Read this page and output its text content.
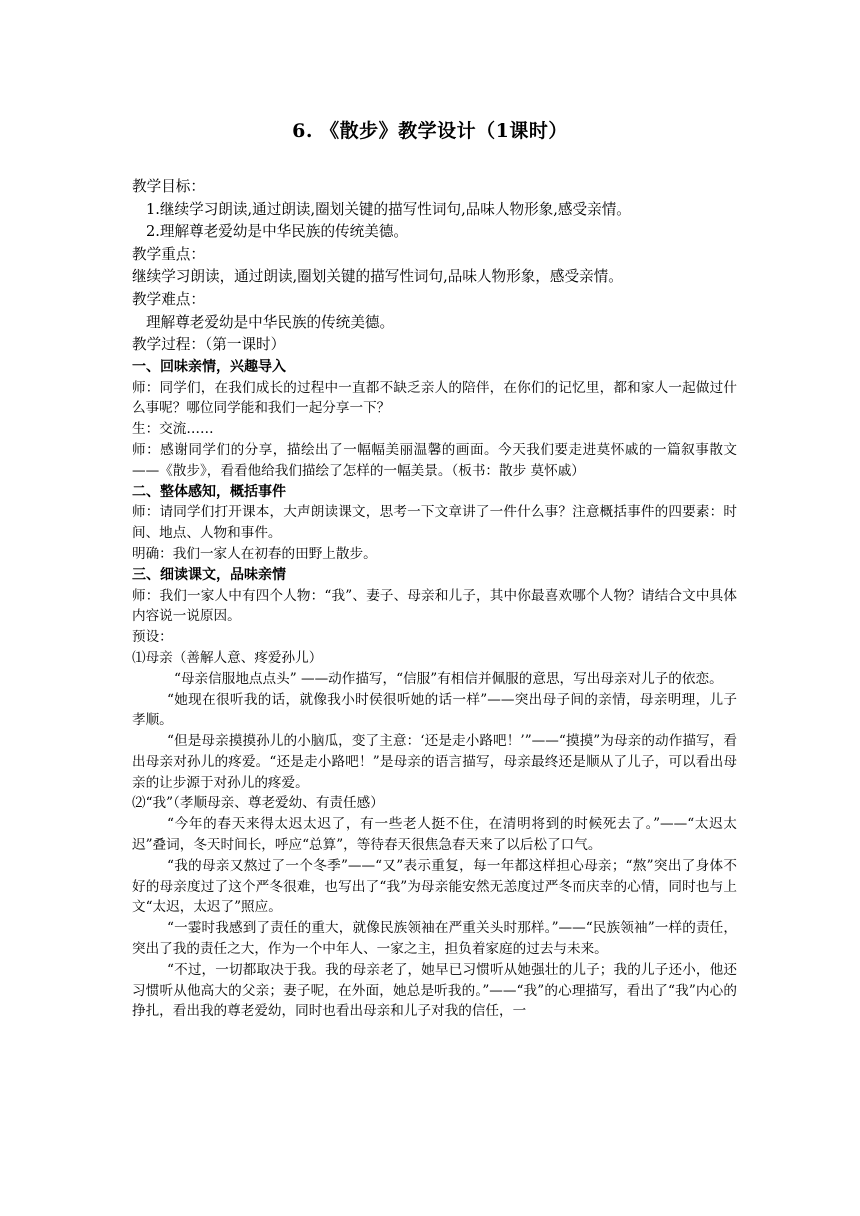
6. 《散步》教学设计（1课时）

教学目标：

1.继续学习朗读,通过朗读,圈划关键的描写性词句,品味人物形象,感受亲情。

2.理解尊老爱幼是中华民族的传统美德。

教学重点：

继续学习朗读，通过朗读,圈划关键的描写性词句,品味人物形象，感受亲情。

教学难点：

理解尊老爱幼是中华民族的传统美德。

教学过程：（第一课时）

一、回味亲情，兴趣导入

师：同学们，在我们成长的过程中一直都不缺乏亲人的陪伴，在你们的记忆里，都和家人一起做过什么事呢？哪位同学能和我们一起分享一下？

生：交流……

师：感谢同学们的分享，描绘出了一幅幅美丽温馨的画面。今天我们要走进莫怀戚的一篇叙事散文——《散步》，看看他给我们描绘了怎样的一幅美景。（板书：散步 莫怀戚）

二、整体感知，概括事件

师：请同学们打开课本，大声朗读课文，思考一下文章讲了一件什么事？注意概括事件的四要素：时间、地点、人物和事件。

明确：我们一家人在初春的田野上散步。

三、细读课文，品味亲情

师：我们一家人中有四个人物：“我”、妻子、母亲和儿子，其中你最喜欢哪个人物？请结合文中具体内容说一说原因。

预设：

⑴母亲（善解人意、疼爱孙儿）

“母亲信服地点点头” ——动作描写，“信服”有相信并佩服的意思，写出母亲对儿子的依恋。

“她现在很听我的话，就像我小时侯很听她的话一样”——突出母子间的亲情，母亲明理，儿子孝顺。

“但是母亲摸摸孙儿的小脑瓜，变了主意：‘还是走小路吧！’”——“摸摸”为母亲的动作描写，看出母亲对孙儿的疼爱。“还是走小路吧！”是母亲的语言描写，母亲最终还是顺从了儿子，可以看出母亲的让步源于对孙儿的疼爱。

⑵“我”（孝顺母亲、尊老爱幼、有责任感）

“今年的春天来得太迟太迟了，有一些老人挺不住，在清明将到的时候死去了。”——“太迟太迟”叠词，冬天时间长，呼应“总算”，等待春天很焦急春天来了以后松了口气。

“我的母亲又熬过了一个冬季”——“又”表示重复，每一年都这样担心母亲；“熬”突出了身体不好的母亲度过了这个严冬很难，也写出了“我”为母亲能安然无恙度过严冬而庆幸的心情，同时也与上文“太迟，太迟了”照应。

“一霎时我感到了责任的重大，就像民族领袖在严重关头时那样。”——“民族领袖”一样的责任，突出了我的责任之大，作为一个中年人、一家之主，担负着家庭的过去与未来。

“不过，一切都取决于我。我的母亲老了，她早已习惯听从她强壮的儿子；我的儿子还小，他还习惯听从他高大的父亲；妻子呢，在外面，她总是听我的。”——“我”的心理描写，看出了“我”内心的挣扎，看出我的尊老爱幼，同时也看出母亲和儿子对我的信任，一
